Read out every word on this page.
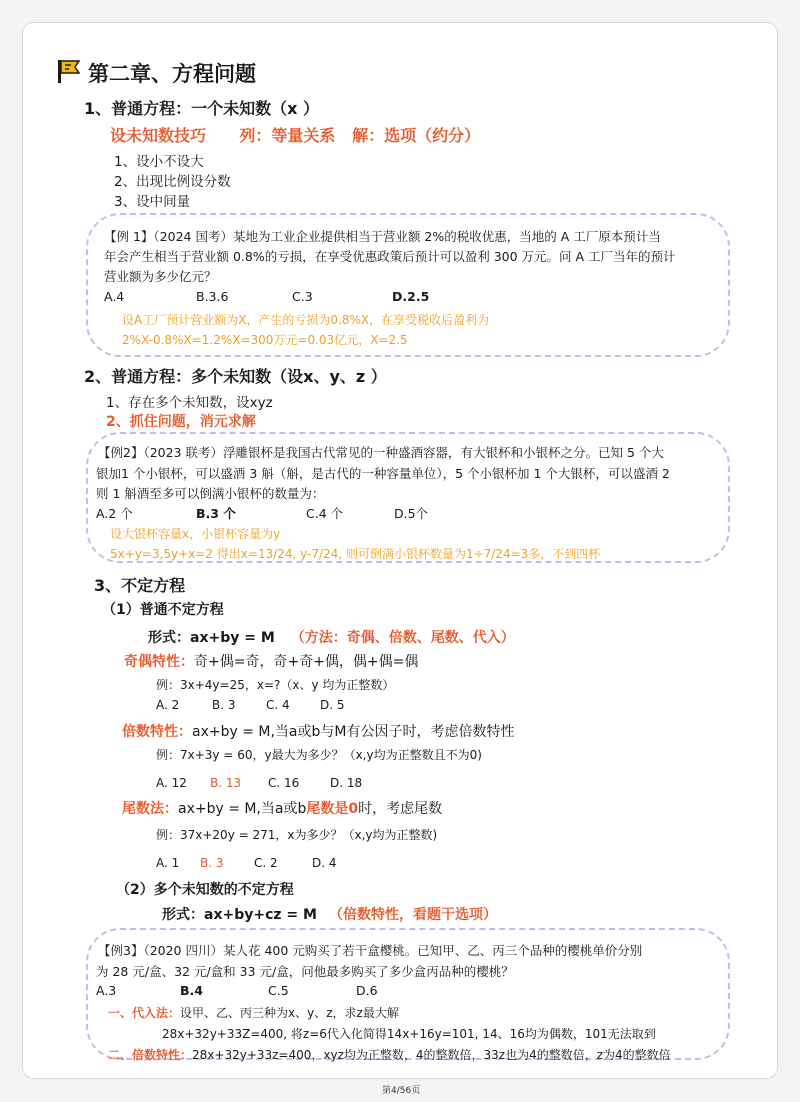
第二章、方程问题
1、普通方程：一个未知数（x ）
设未知数技巧      列：等量关系   解：选项（约分）
1、设小不设大
2、出现比例设分数
3、设中间量
【例 1】（2024 国考）某地为工业企业提供相当于营业额 2%的税收优惠，当地的 A 工厂原本预计当
年会产生相当于营业额 0.8%的亏损，在享受优惠政策后预计可以盈利 300 万元。问 A 工厂当年的预计
营业额为多少亿元？
A.4	B.3.6	C.3	D.2.5
设A工厂预计营业额为X，产生的亏损为0.8%X，在享受税收后盈利为
2%X-0.8%X=1.2%X=300万元=0.03亿元，X=2.5
2、普通方程：多个未知数（设x、y、z ）
1、存在多个未知数，设xyz
2、抓住问题，消元求解
【例2】（2023 联考）浮雕银杯是我国古代常见的一种盛酒容器，有大银杯和小银杯之分。已知 5 个大
银加1 个小银杯，可以盛酒 3 斛（斛，是古代的一种容量单位），5 个小银杯加 1 个大银杯，可以盛酒 2
则 1 斛酒至多可以倒满小银杯的数量为：
A.2 个	B.3 个	C.4 个	D.5个
设大银杯容量x，小银杯容量为y
5x+y=3,5y+x=2 得出x=13/24, y-7/24, 则可倒满小银杯数量为1÷7/24=3多，不到四杯
3、不定方程
（1）普通不定方程
形式：ax+by = M （方法：奇偶、倍数、尾数、代入）
奇偶特性：奇+偶=奇，奇+奇+偶，偶+偶=偶
例：3x+4y=25，x=?（x、y 均为正整数）
A. 2	B. 3	C. 4	D. 5
倍数特性：ax+by = M,当a或b与M有公因子时，考虑倍数特性
例：7x+3y = 60，y最大为多少？（x,y均为正整数且不为0)
A. 12 B. 13 C. 16	D. 18
尾数法：ax+by = M,当a或b尾数是0时，考虑尾数
例：37x+20y = 271，x为多少？（x,y均为正整数)
A. 1 B. 3	C. 2	D. 4
（2）多个未知数的不定方程
形式：ax+by+cz = M （倍数特性，看题干选项）
【例3】（2020 四川）某人花 400 元购买了若干盒樱桃。已知甲、乙、丙三个品种的樱桃单价分别
为 28 元/盒、32 元/盒和 33 元/盒，问他最多购买了多少盒丙品种的樱桃？
A.3	B.4	C.5	D.6
一、代入法：设甲、乙、丙三种为x、y、z，求z最大解
28x+32y+33Z=400, 将z=6代入化简得14x+16y=101, 14、16均为偶数，101无法取到
二、倍数特性：28x+32y+33z=400，xyz均为正整数，4的整数倍，33z也为4的整数倍，z为4的整数倍
第4/56页
